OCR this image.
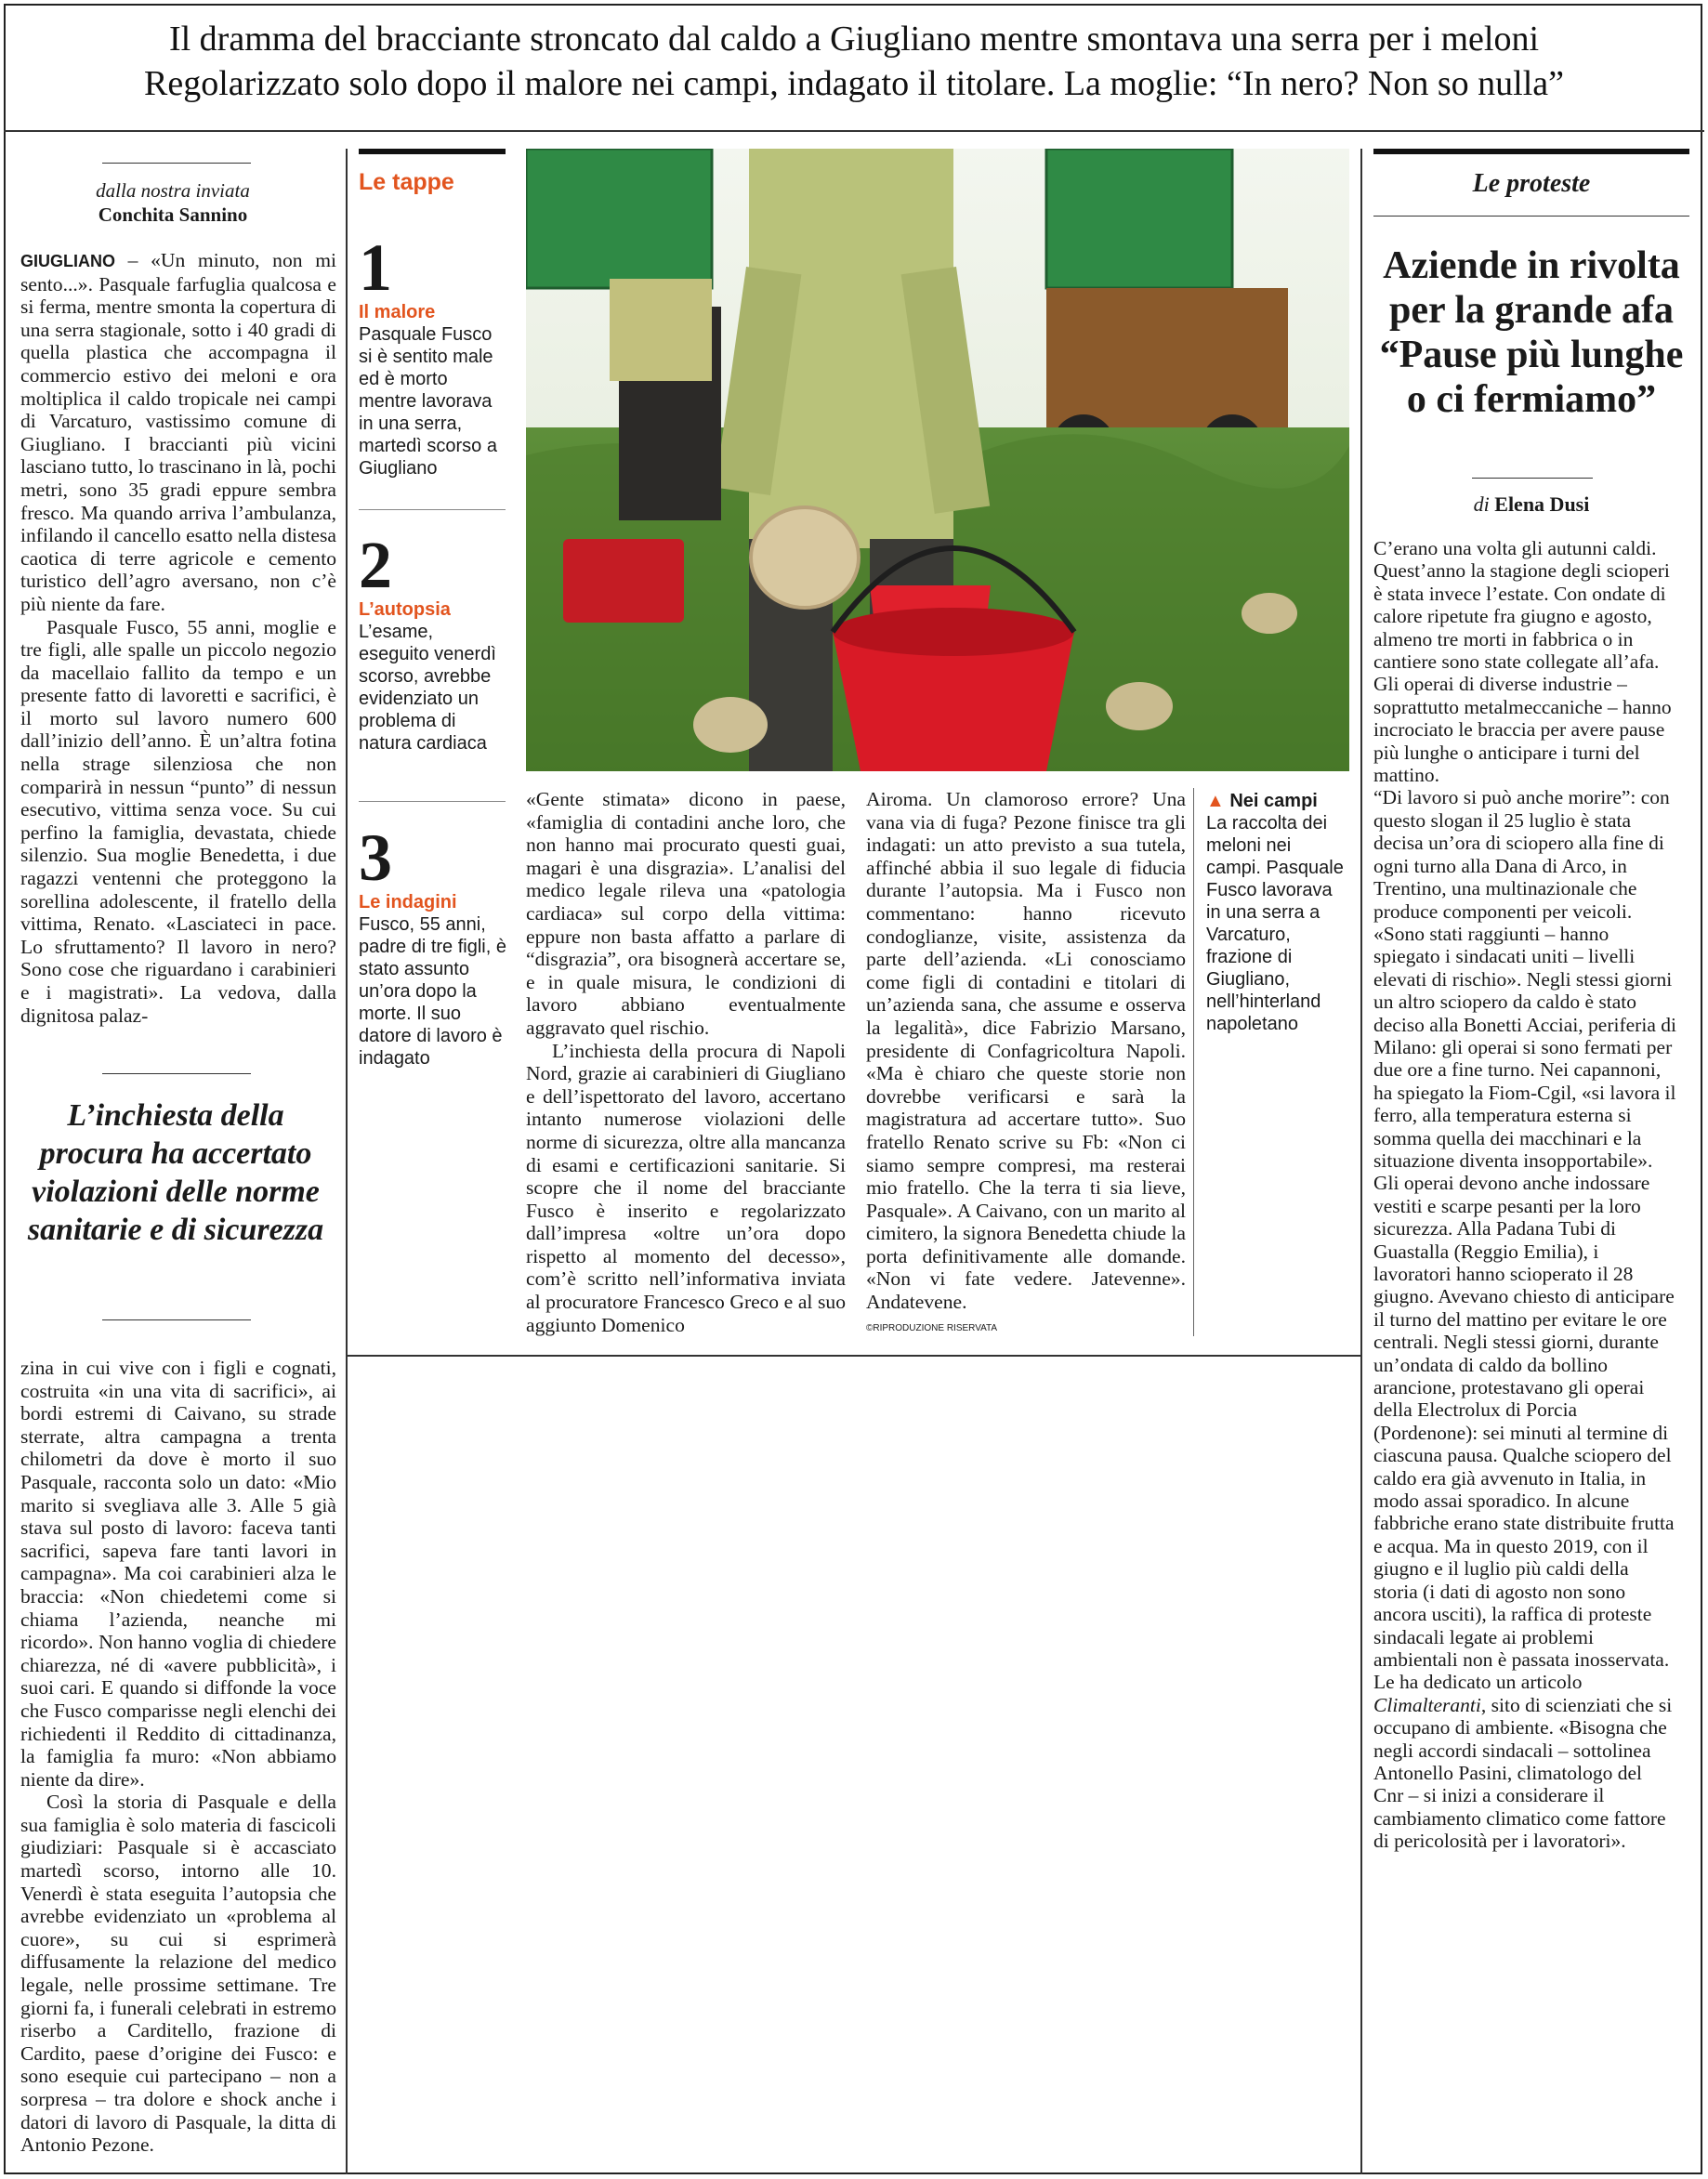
Il dramma del bracciante stroncato dal caldo a Giugliano mentre smontava una serra per i meloni
Regolarizzato solo dopo il malore nei campi, indagato il titolare. La moglie: “In nero? Non so nulla”
dalla nostra inviata
Conchita Sannino

GIUGLIANO – «Un minuto, non mi sento...». Pasquale farfuglia qualcosa e si ferma, mentre smonta la copertura di una serra stagionale, sotto i 40 gradi di quella plastica che accompagna il commercio estivo dei meloni e ora moltiplica il caldo tropicale nei campi di Varcaturo, vastissimo comune di Giugliano. I braccianti più vicini lasciano tutto, lo trascinano in là, pochi metri, sono 35 gradi eppure sembra fresco. Ma quando arriva l’ambulanza, infilando il cancello esatto nella distesa caotica di terre agricole e cemento turistico dell’agro aversano, non c’è più niente da fare.

Pasquale Fusco, 55 anni, moglie e tre figli, alle spalle un piccolo negozio da macellaio fallito da tempo e un presente fatto di lavoretti e sacrifici, è il morto sul lavoro numero 600 dall’inizio dell’anno. È un’altra fotina nella strage silenziosa che non comparirà in nessun “punto” di nessun esecutivo, vittima senza voce. Su cui perfino la famiglia, devastata, chiede silenzio. Sua moglie Benedetta, i due ragazzi ventenni che proteggono la sorellina adolescente, il fratello della vittima, Renato. «Lasciateci in pace. Lo sfruttamento? Il lavoro in nero? Sono cose che riguardano i carabinieri e i magistrati». La vedova, dalla dignitosa palaz-

L’inchiesta della procura ha accertato violazioni delle norme sanitarie e di sicurezza

zina in cui vive con i figli e cognati, costruita «in una vita di sacrifici», ai bordi estremi di Caivano, su strade sterrate, altra campagna a trenta chilometri da dove è morto il suo Pasquale, racconta solo un dato: «Mio marito si svegliava alle 3. Alle 5 già stava sul posto di lavoro: faceva tanti sacrifici, sapeva fare tanti lavori in campagna». Ma coi carabinieri alza le braccia: «Non chiedetemi come si chiama l’azienda, neanche mi ricordo». Non hanno voglia di chiedere chiarezza, né di «avere pubblicità», i suoi cari. E quando si diffonde la voce che Fusco comparisse negli elenchi dei richiedenti il Reddito di cittadinanza, la famiglia fa muro: «Non abbiamo niente da dire».

Così la storia di Pasquale e della sua famiglia è solo materia di fascicoli giudiziari: Pasquale si è accasciato martedì scorso, intorno alle 10. Venerdì è stata eseguita l’autopsia che avrebbe evidenziato un «problema al cuore», su cui si esprimerà diffusamente la relazione del medico legale, nelle prossime settimane. Tre giorni fa, i funerali celebrati in estremo riserbo a Carditello, frazione di Cardito, paese d’origine dei Fusco: e sono esequie cui partecipano – non a sorpresa – tra dolore e shock anche i datori di lavoro di Pasquale, la ditta di Antonio Pezone.

Le tappe
1
Il malore
Pasquale Fusco si è sentito male ed è morto mentre lavorava in una serra, martedì scorso a Giugliano
2
L’autopsia
L’esame, eseguito venerdì scorso, avrebbe evidenziato un problema di natura cardiaca
3
Le indagini
Fusco, 55 anni, padre di tre figli, è stato assunto un’ora dopo la morte. Il suo datore di lavoro è indagato

«Gente stimata» dicono in paese, «famiglia di contadini anche loro, che non hanno mai procurato questi guai, magari è una disgrazia». L’analisi del medico legale rileva una «patologia cardiaca» sul corpo della vittima: eppure non basta affatto a parlare di “disgrazia”, ora bisognerà accertare se, e in quale misura, le condizioni di lavoro abbiano eventualmente aggravato quel rischio.

L’inchiesta della procura di Napoli Nord, grazie ai carabinieri di Giugliano e dell’ispettorato del lavoro, accertano intanto numerose violazioni delle norme di sicurezza, oltre alla mancanza di esami e certificazioni sanitarie. Si scopre che il nome del bracciante Fusco è inserito e regolarizzato dall’impresa «oltre un’ora dopo rispetto al momento del decesso», com’è scritto nell’informativa inviata al procuratore Francesco Greco e al suo aggiunto Domenico

Airoma. Un clamoroso errore? Una vana via di fuga? Pezone finisce tra gli indagati: un atto previsto a sua tutela, affinché abbia il suo legale di fiducia durante l’autopsia. Ma i Fusco non commentano: hanno ricevuto condoglianze, visite, assistenza da parte dell’azienda. «Li conosciamo come figli di contadini e titolari di un’azienda sana, che assume e osserva la legalità», dice Fabrizio Marsano, presidente di Confagricoltura Napoli. «Ma è chiaro che queste storie non dovrebbe verificarsi e sarà la magistratura ad accertare tutto». Suo fratello Renato scrive su Fb: «Non ci siamo sempre compresi, ma resterai mio fratello. Che la terra ti sia lieve, Pasquale». A Caivano, con un marito al cimitero, la signora Benedetta chiude la porta definitivamente alle domande. «Non vi fate vedere. Jatevenne». Andatevene.

©RIPRODUZIONE RISERVATA
▲ Nei campi
La raccolta dei meloni nei campi. Pasquale Fusco lavorava in una serra a Varcaturo, frazione di Giugliano, nell’hinterland napoletano
Le proteste
Aziende in rivolta per la grande afa “Pause più lunghe o ci fermiamo”
di Elena Dusi

C’erano una volta gli autunni caldi. Quest’anno la stagione degli scioperi è stata invece l’estate. Con ondate di calore ripetute fra giugno e agosto, almeno tre morti in fabbrica o in cantiere sono state collegate all’afa. Gli operai di diverse industrie – soprattutto metalmeccaniche – hanno incrociato le braccia per avere pause più lunghe o anticipare i turni del mattino.

“Di lavoro si può anche morire”: con questo slogan il 25 luglio è stata decisa un’ora di sciopero alla fine di ogni turno alla Dana di Arco, in Trentino, una multinazionale che produce componenti per veicoli. «Sono stati raggiunti – hanno spiegato i sindacati uniti – livelli elevati di rischio». Negli stessi giorni un altro sciopero da caldo è stato deciso alla Bonetti Acciai, periferia di Milano: gli operai si sono fermati per due ore a fine turno. Nei capannoni, ha spiegato la Fiom-Cgil, «si lavora il ferro, alla temperatura esterna si somma quella dei macchinari e la situazione diventa insopportabile». Gli operai devono anche indossare vestiti e scarpe pesanti per la loro sicurezza. Alla Padana Tubi di Guastalla (Reggio Emilia), i lavoratori hanno scioperato il 28 giugno. Avevano chiesto di anticipare il turno del mattino per evitare le ore centrali. Negli stessi giorni, durante un’ondata di caldo da bollino arancione, protestavano gli operai della Electrolux di Porcia (Pordenone): sei minuti al termine di ciascuna pausa. Qualche sciopero del caldo era già avvenuto in Italia, in modo assai sporadico. In alcune fabbriche erano state distribuite frutta e acqua. Ma in questo 2019, con il giugno e il luglio più caldi della storia (i dati di agosto non sono ancora usciti), la raffica di proteste sindacali legate ai problemi ambientali non è passata inosservata. Le ha dedicato un articolo Climalteranti, sito di scienziati che si occupano di ambiente. «Bisogna che negli accordi sindacali – sottolinea Antonello Pasini, climatologo del Cnr – si inizi a considerare il cambiamento climatico come fattore di pericolosità per i lavoratori».
